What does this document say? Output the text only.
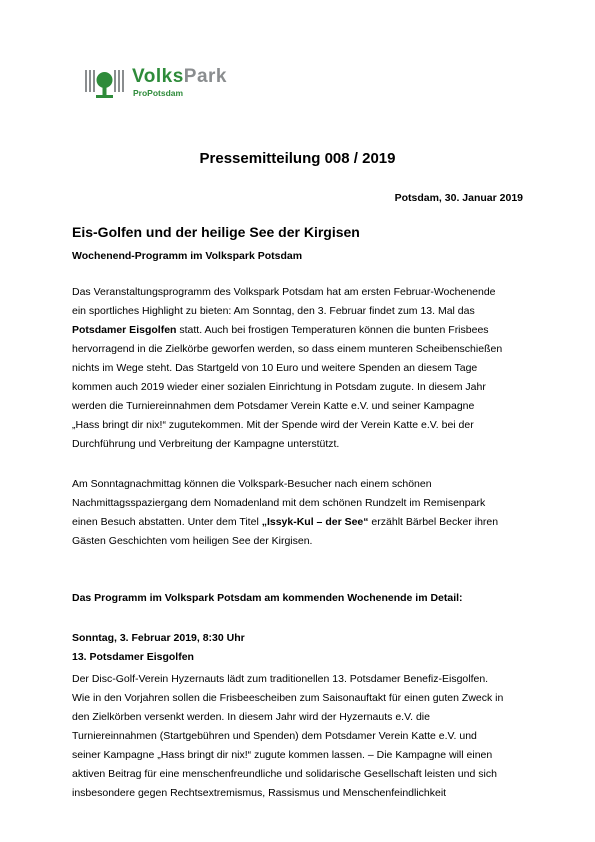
VolksPark
ProPotsdam
Pressemitteilung 008 / 2019
Potsdam, 30. Januar 2019
Eis-Golfen und der heilige See der Kirgisen
Wochenend-Programm im Volkspark Potsdam
Das Veranstaltungsprogramm des Volkspark Potsdam hat am ersten Februar-Wochenende
ein sportliches Highlight zu bieten: Am Sonntag, den 3. Februar findet zum 13. Mal das
Potsdamer Eisgolfen statt. Auch bei frostigen Temperaturen können die bunten Frisbees
hervorragend in die Zielkörbe geworfen werden, so dass einem munteren Scheibenschießen
nichts im Wege steht. Das Startgeld von 10 Euro und weitere Spenden an diesem Tage
kommen auch 2019 wieder einer sozialen Einrichtung in Potsdam zugute. In diesem Jahr
werden die Turniereinnahmen dem Potsdamer Verein Katte e.V. und seiner Kampagne
„Hass bringt dir nix!“ zugutekommen. Mit der Spende wird der Verein Katte e.V. bei der
Durchführung und Verbreitung der Kampagne unterstützt.
Am Sonntagnachmittag können die Volkspark-Besucher nach einem schönen
Nachmittagsspaziergang dem Nomadenland mit dem schönen Rundzelt im Remisenpark
einen Besuch abstatten. Unter dem Titel „Issyk-Kul – der See“ erzählt Bärbel Becker ihren
Gästen Geschichten vom heiligen See der Kirgisen.
Das Programm im Volkspark Potsdam am kommenden Wochenende im Detail:
Sonntag, 3. Februar 2019, 8:30 Uhr
13. Potsdamer Eisgolfen
Der Disc-Golf-Verein Hyzernauts lädt zum traditionellen 13. Potsdamer Benefiz-Eisgolfen.
Wie in den Vorjahren sollen die Frisbeescheiben zum Saisonauftakt für einen guten Zweck in
den Zielkörben versenkt werden. In diesem Jahr wird der Hyzernauts e.V. die
Turniereinnahmen (Startgebühren und Spenden) dem Potsdamer Verein Katte e.V. und
seiner Kampagne „Hass bringt dir nix!“ zugute kommen lassen. – Die Kampagne will einen
aktiven Beitrag für eine menschenfreundliche und solidarische Gesellschaft leisten und sich
insbesondere gegen Rechtsextremismus, Rassismus und Menschenfeindlichkeit
